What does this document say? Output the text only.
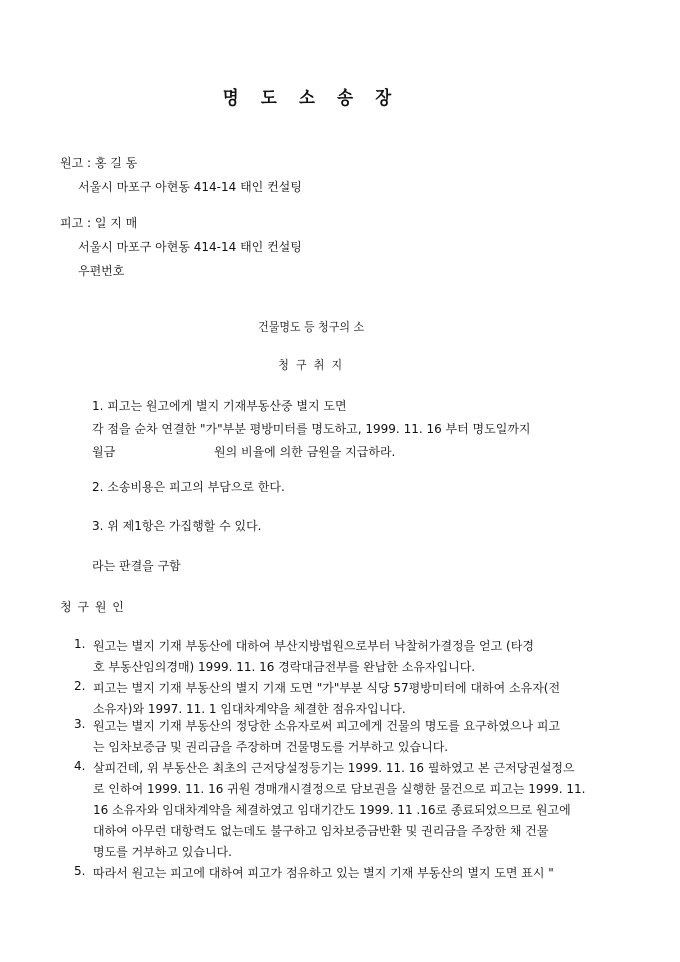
명 도 소 송 장
원고 : 홍 길 동
서울시 마포구 아현동 414-14 태인 컨설팅
피고 : 일 지 매
서울시 마포구 아현동 414-14 태인 컨설팅
우편번호
건물명도 등 청구의 소
청 구 취 지
1. 피고는 원고에게 별지 기재부동산중 별지 도면
각 점을 순차 연결한 "가"부분 평방미터를 명도하고, 1999. 11. 16 부터 명도일까지
월금	원의 비율에 의한 금원을 지급하라.
2. 소송비용은 피고의 부담으로 한다.
3. 위 제1항은 가집행할 수 있다.
라는 판결을 구함
청 구 원 인
1. 원고는 별지 기재 부동산에 대하여 부산지방법원으로부터 낙찰허가결정을 얻고 (타경
호 부동산임의경매) 1999. 11. 16 경락대금전부를 완납한 소유자입니다.
2. 피고는 별지 기재 부동산의 별지 기재 도면 "가"부분 식당 57평방미터에 대하여 소유자(전
소유자)와 1997. 11. 1 임대차계약을 체결한 점유자입니다.
3. 원고는 별지 기재 부동산의 정당한 소유자로써 피고에게 건물의 명도를 요구하였으나 피고
는 임차보증금 및 권리금을 주장하며 건물명도를 거부하고 있습니다.
4. 살피건데, 위 부동산은 최초의 근저당설정등기는 1999. 11. 16 필하였고 본 근저당권설정으
로 인하여 1999. 11. 16 귀원 경매개시결정으로 담보권을 실행한 물건으로 피고는 1999. 11.
16 소유자와 임대차계약을 체결하였고 임대기간도 1999. 11 .16로 종료되었으므로 원고에
대하여 아무런 대항력도 없는데도 불구하고 임차보증금반환 및 권리금을 주장한 채 건물
명도를 거부하고 있습니다.
5. 따라서 원고는 피고에 대하여 피고가 점유하고 있는 별지 기재 부동산의 별지 도면 표시 "
